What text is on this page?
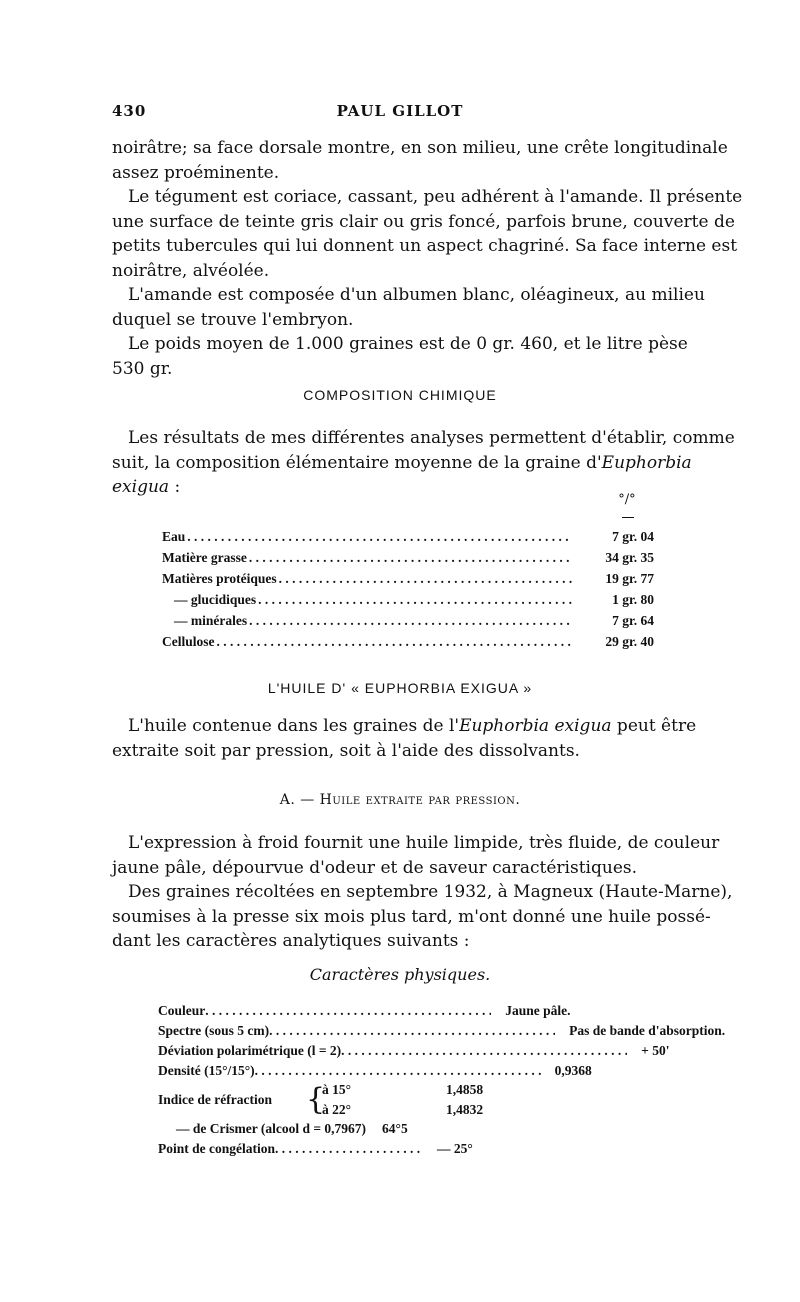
430	PAUL GILLOT
noirâtre; sa face dorsale montre, en son milieu, une crête longitudinale
assez proéminente.
Le tégument est coriace, cassant, peu adhérent à l'amande. Il présente
une surface de teinte gris clair ou gris foncé, parfois brune, couverte de
petits tubercules qui lui donnent un aspect chagriné. Sa face interne est
noirâtre, alvéolée.
L'amande est composée d'un albumen blanc, oléagineux, au milieu
duquel se trouve l'embryon.
Le poids moyen de 1.000 graines est de 0 gr. 460, et le litre pèse
530 gr.
COMPOSITION CHIMIQUE
Les résultats de mes différentes analyses permettent d'établir, comme
suit, la composition élémentaire moyenne de la graine d'Euphorbia
exigua :
°/°
Eau . . .	7 gr. 04
Matière grasse . . .	34 gr. 35
Matières protéiques . . .	19 gr. 77
— glucidiques . . .	1 gr. 80
— minérales . . .	7 gr. 64
Cellulose . . .	29 gr. 40
L'HUILE D' « EUPHORBIA EXIGUA »
L'huile contenue dans les graines de l'Euphorbia exigua peut être
extraite soit par pression, soit à l'aide des dissolvants.
A. — Huile extraite par pression.
L'expression à froid fournit une huile limpide, très fluide, de couleur
jaune pâle, dépourvue d'odeur et de saveur caractéristiques.
Des graines récoltées en septembre 1932, à Magneux (Haute-Marne),
soumises à la presse six mois plus tard, m'ont donné une huile possé-
dant les caractères analytiques suivants :
Caractères physiques.
Couleur . . .	Jaune pâle.
Spectre (sous 5 cm) . . .	Pas de bande d'absorption.
Déviation polarimétrique (l = 2) . . .	+ 50'
Densité (15°/15°) . . .	0,9368
Indice de réfraction {
à 15°	1,4858
à 22°	1,4832
— de Crismer (alcool d = 0,7967)	64°5
Point de congélation . . .	— 25°
